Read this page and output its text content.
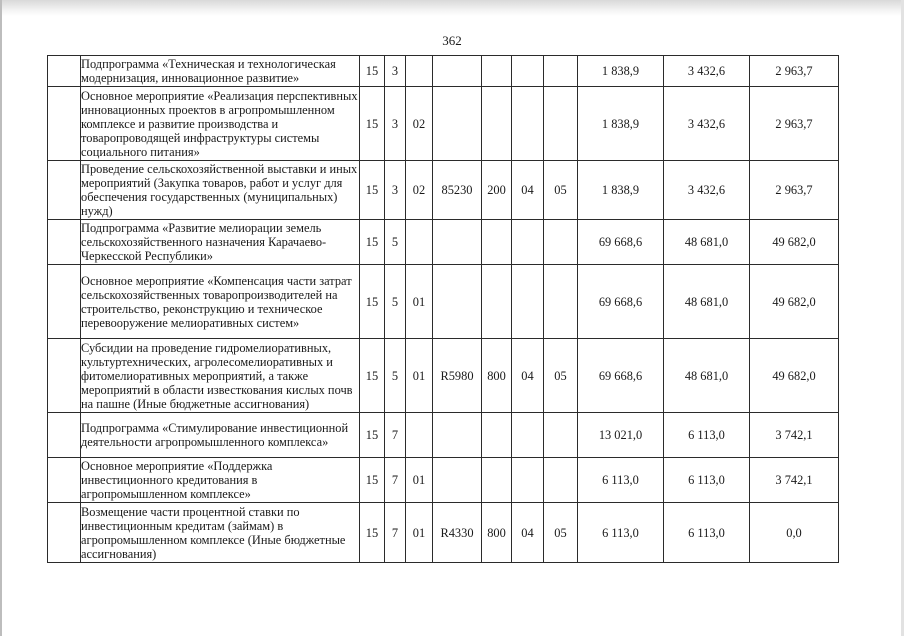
362
	Подпрограмма «Техническая и технологическая модернизация, инновационное развитие»	15	3						1 838,9	3 432,6	2 963,7
	Основное мероприятие «Реализация перспективных инновационных проектов в агропромышленном комплексе и развитие производства и товаропроводящей инфраструктуры системы социального питания»	15	3	02					1 838,9	3 432,6	2 963,7
	Проведение сельскохозяйственной выставки и иных мероприятий (Закупка товаров, работ и услуг для обеспечения государственных (муниципальных) нужд)	15	3	02	85230	200	04	05	1 838,9	3 432,6	2 963,7
	Подпрограмма «Развитие мелиорации земель сельскохозяйственного назначения Карачаево-Черкесской Республики»	15	5						69 668,6	48 681,0	49 682,0
	Основное мероприятие «Компенсация части затрат сельскохозяйственных товаропроизводителей на строительство, реконструкцию и техническое перевооружение мелиоративных систем»	15	5	01					69 668,6	48 681,0	49 682,0
	Субсидии на проведение гидромелиоративных, культуртехнических, агролесомелиоративных и фитомелиоративных мероприятий, а также мероприятий в области известкования кислых почв на пашне (Иные бюджетные ассигнования)	15	5	01	R5980	800	04	05	69 668,6	48 681,0	49 682,0
	Подпрограмма «Стимулирование инвестиционной деятельности агропромышленного комплекса»	15	7						13 021,0	6 113,0	3 742,1
	Основное мероприятие «Поддержка инвестиционного кредитования в агропромышленном комплексе»	15	7	01					6 113,0	6 113,0	3 742,1
	Возмещение части процентной ставки по инвестиционным кредитам (займам) в агропромышленном комплексе (Иные бюджетные ассигнования)	15	7	01	R4330	800	04	05	6 113,0	6 113,0	0,0
